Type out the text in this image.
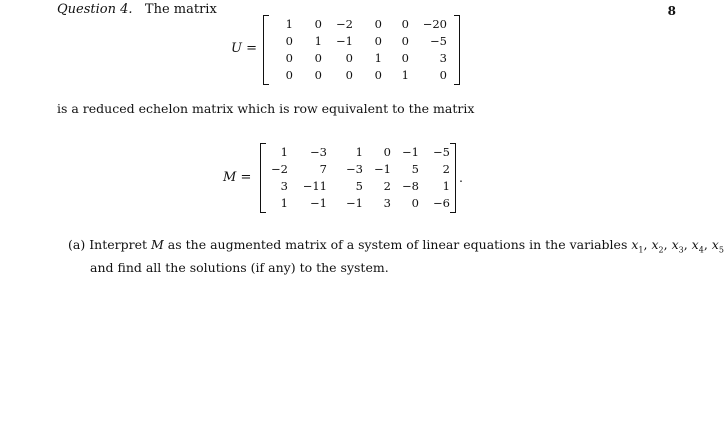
Question 4. The matrix	8
U =
1	0	−2	0	0	−20
0	1	−1	0	0	−5
0	0	0	1	0	3
0	0	0	0	1	0
is a reduced echelon matrix which is row equivalent to the matrix
M =
1	−3	1	0	−1	−5
−2	7	−3	−1	5	2
3	−11	5	2	−8	1
1	−1	−1	3	0	−6
.
(a) Interpret M as the augmented matrix of a system of linear equations in the variables $x_1$, $x_2$, $x_3$, $x_4$, $x_5$
and find all the solutions (if any) to the system.
